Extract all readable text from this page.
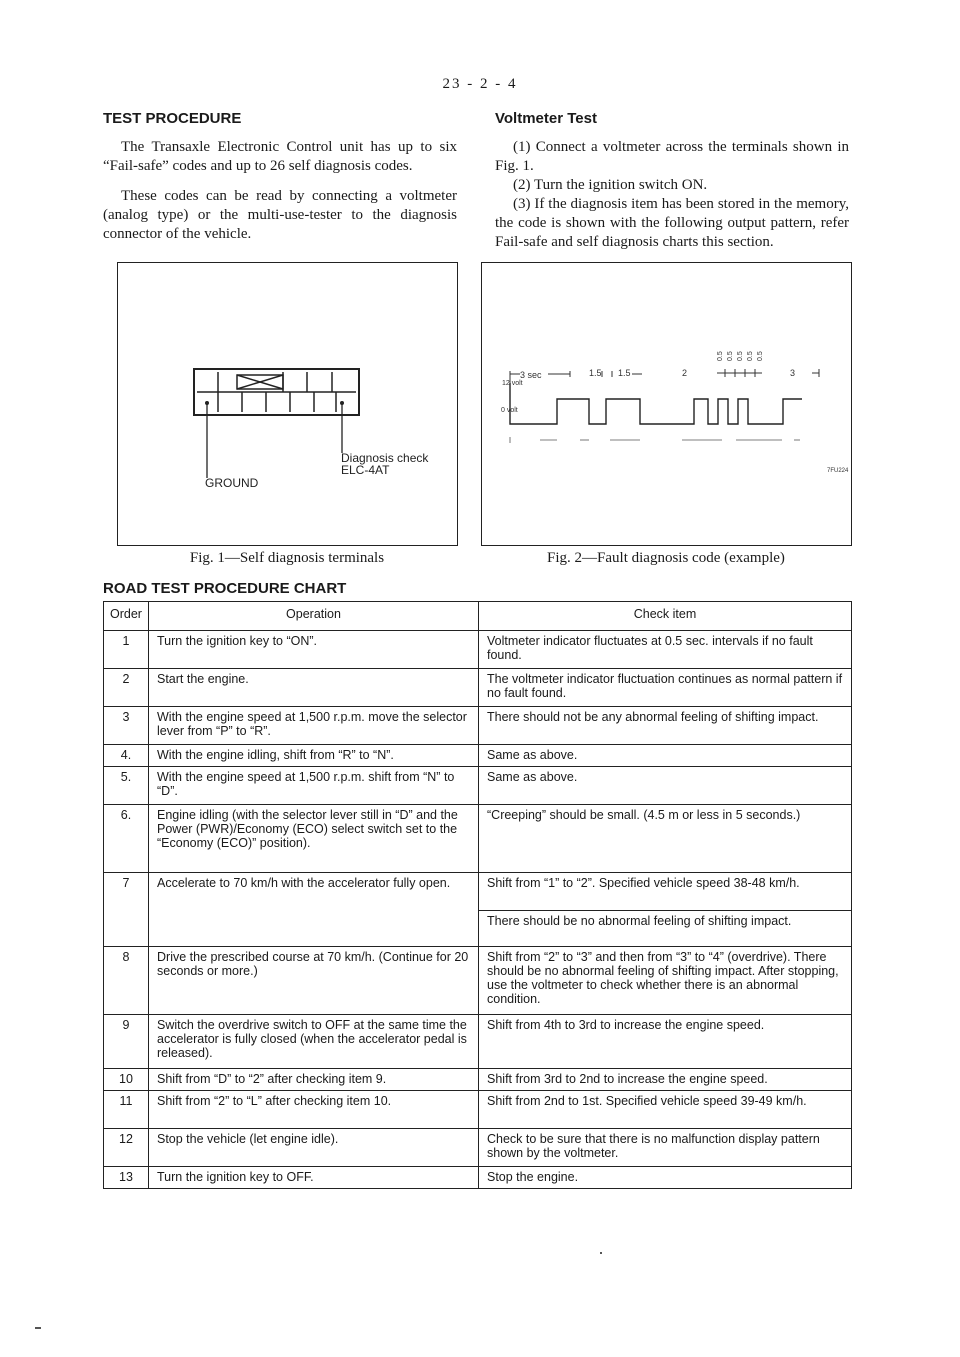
23 - 2 - 4
TEST PROCEDURE

The Transaxle Electronic Control unit has up to six “Fail-safe” codes and up to 26 self diagnosis codes.

These codes can be read by connecting a voltmeter (analog type) or the multi-use-tester to the diagnosis connector of the vehicle.

Voltmeter Test
(1) Connect a voltmeter across the terminals shown in Fig. 1.
(2) Turn the ignition switch ON.
(3) If the diagnosis item has been stored in the memory, the code is shown with the following output pattern, refer Fail-safe and self diagnosis charts this section.
Diagnosis check
ELC-4AT
GROUND
Fig. 1—Self diagnosis terminals
3 sec	1.5 1.5	2	3
12 volt
0 volt
7FU224
0.5 0.5 0.5 0.5 0.5
Fig. 2—Fault diagnosis code (example)
ROAD TEST PROCEDURE CHART
Order	Operation	Check item
1	Turn the ignition key to “ON”.	Voltmeter indicator fluctuates at 0.5 sec. intervals if no fault found.
2	Start the engine.	The voltmeter indicator fluctuation continues as normal pattern if no fault found.
3	With the engine speed at 1,500 r.p.m. move the selector lever from “P” to “R”.	There should not be any abnormal feeling of shifting impact.
4.	With the engine idling, shift from “R” to “N”.	Same as above.
5.	With the engine speed at 1,500 r.p.m. shift from “N” to “D”.	Same as above.
6.	Engine idling (with the selector lever still in “D” and the Power (PWR)/Economy (ECO) select switch set to the “Economy (ECO)” position).	“Creeping” should be small. (4.5 m or less in 5 seconds.)
7	Accelerate to 70 km/h with the accelerator fully open.	Shift from “1” to “2”. Specified vehicle speed 38-48 km/h.
		There should be no abnormal feeling of shifting impact.
8	Drive the prescribed course at 70 km/h. (Continue for 20 seconds or more.)	Shift from “2” to “3” and then from “3” to “4” (overdrive). There should be no abnormal feeling of shifting impact. After stopping, use the voltmeter to check whether there is an abnormal condition.
9	Switch the overdrive switch to OFF at the same time the accelerator is fully closed (when the accelerator pedal is released).	Shift from 4th to 3rd to increase the engine speed.
10	Shift from “D” to “2” after checking item 9.	Shift from 3rd to 2nd to increase the engine speed.
11	Shift from “2” to “L” after checking item 10.	Shift from 2nd to 1st. Specified vehicle speed 39-49 km/h.
12	Stop the vehicle (let engine idle).	Check to be sure that there is no malfunction display pattern shown by the voltmeter.
13	Turn the ignition key to OFF.	Stop the engine.
